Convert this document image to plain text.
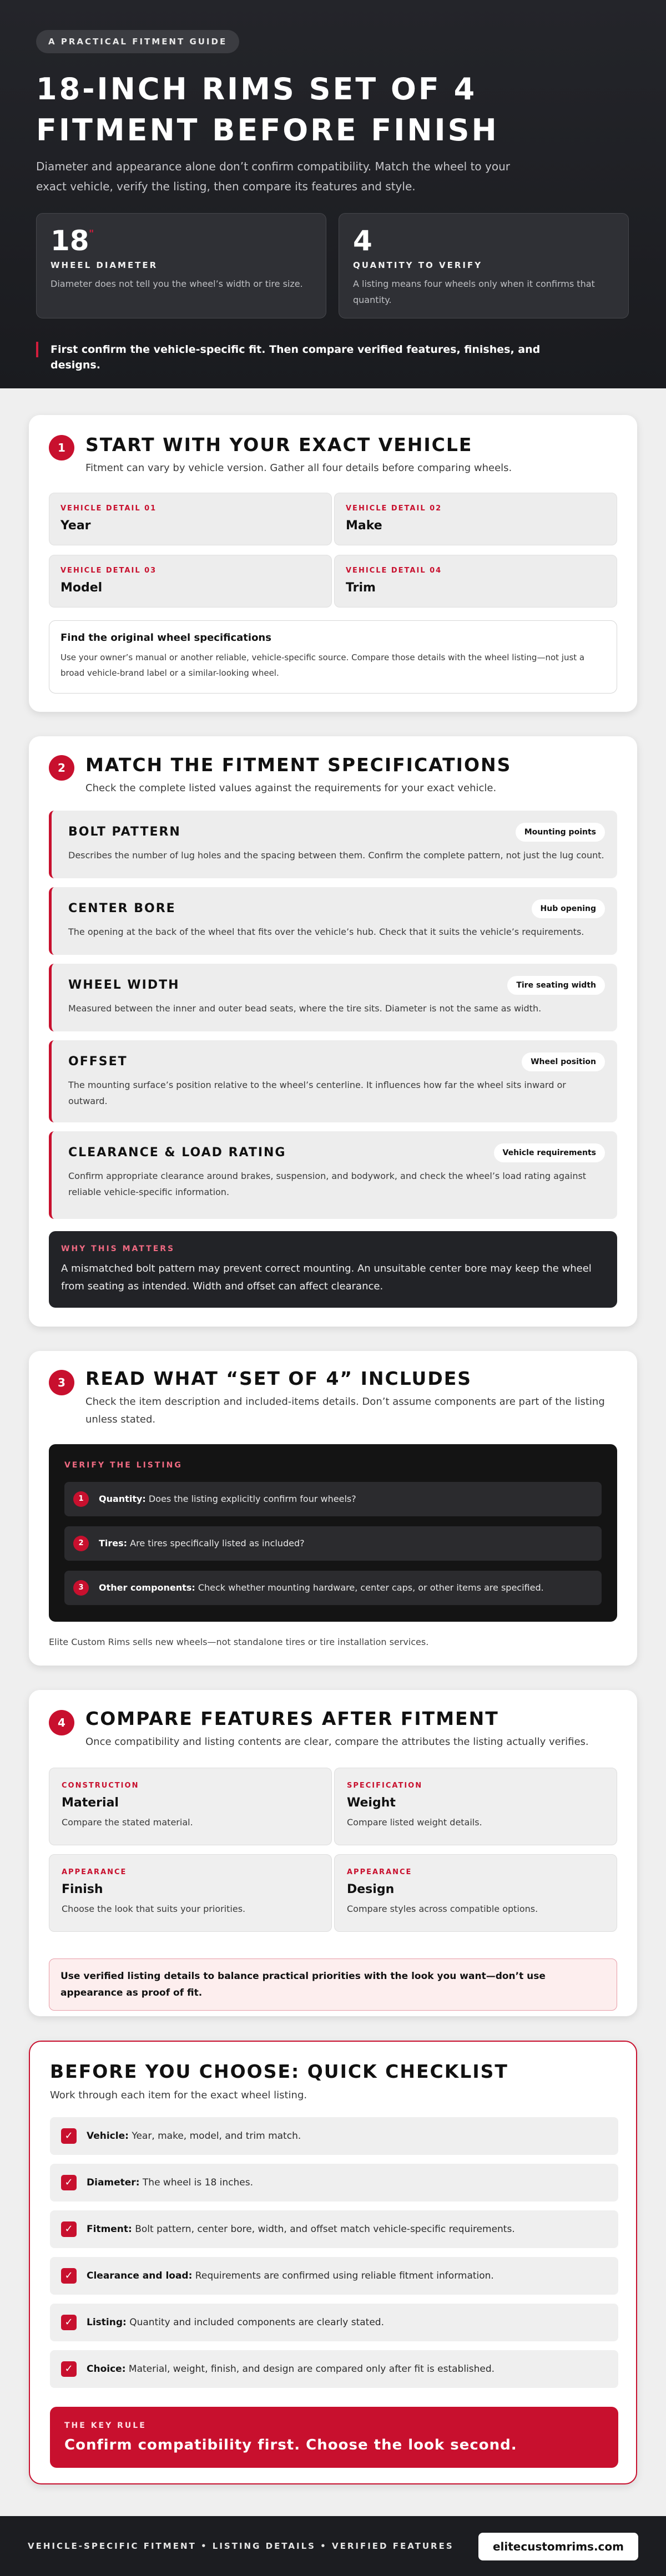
A PRACTICAL FITMENT GUIDE
18-INCH RIMS SET OF 4 FITMENT BEFORE FINISH

Diameter and appearance alone don’t confirm compatibility. Match the wheel to your exact vehicle, verify the listing, then compare its features and style.

18 "
WHEEL DIAMETER
Diameter does not tell you the wheel’s width or tire size.
4
QUANTITY TO VERIFY
A listing means four wheels only when it confirms that quantity.
First confirm the vehicle-specific fit. Then compare verified features, finishes, and designs.
1	START WITH YOUR EXACT VEHICLE

Fitment can vary by vehicle version. Gather all four details before comparing wheels.

VEHICLE DETAIL 01
Year
VEHICLE DETAIL 02
Make
VEHICLE DETAIL 03
Model
VEHICLE DETAIL 04
Trim
Find the original wheel specifications
Use your owner’s manual or another reliable, vehicle-specific source. Compare those details with the wheel listing—not just a broad vehicle-brand label or a similar-looking wheel.
2	MATCH THE FITMENT SPECIFICATIONS

Check the complete listed values against the requirements for your exact vehicle.

BOLT PATTERN	Mounting points
Describes the number of lug holes and the spacing between them. Confirm the complete pattern, not just the lug count.
CENTER BORE	Hub opening
The opening at the back of the wheel that fits over the vehicle’s hub. Check that it suits the vehicle’s requirements.
WHEEL WIDTH	Tire seating width
Measured between the inner and outer bead seats, where the tire sits. Diameter is not the same as width.
OFFSET	Wheel position
The mounting surface’s position relative to the wheel’s centerline. It influences how far the wheel sits inward or outward.
CLEARANCE & LOAD RATING	Vehicle requirements
Confirm appropriate clearance around brakes, suspension, and bodywork, and check the wheel’s load rating against reliable vehicle-specific information.
WHY THIS MATTERS
A mismatched bolt pattern may prevent correct mounting. An unsuitable center bore may keep the wheel from seating as intended. Width and offset can affect clearance.
3	READ WHAT “SET OF 4” INCLUDES

Check the item description and included-items details. Don’t assume components are part of the listing unless stated.

VERIFY THE LISTING
1	Quantity: Does the listing explicitly confirm four wheels?
2	Tires: Are tires specifically listed as included?
3	Other components: Check whether mounting hardware, center caps, or other items are specified.

Elite Custom Rims sells new wheels—not standalone tires or tire installation services.

4	COMPARE FEATURES AFTER FITMENT

Once compatibility and listing contents are clear, compare the attributes the listing actually verifies.

CONSTRUCTION
Material
Compare the stated material.
SPECIFICATION
Weight
Compare listed weight details.
APPEARANCE
Finish
Choose the look that suits your priorities.
APPEARANCE
Design
Compare styles across compatible options.
Use verified listing details to balance practical priorities with the look you want—don’t use appearance as proof of fit.
BEFORE YOU CHOOSE: QUICK CHECKLIST

Work through each item for the exact wheel listing.

✓	Vehicle: Year, make, model, and trim match.
✓	Diameter: The wheel is 18 inches.
✓	Fitment: Bolt pattern, center bore, width, and offset match vehicle-specific requirements.
✓	Clearance and load: Requirements are confirmed using reliable fitment information.
✓	Listing: Quantity and included components are clearly stated.
✓	Choice: Material, weight, finish, and design are compared only after fit is established.
THE KEY RULE
Confirm compatibility first. Choose the look second.
VEHICLE-SPECIFIC FITMENT • LISTING DETAILS • VERIFIED FEATURES	elitecustomrims.com
